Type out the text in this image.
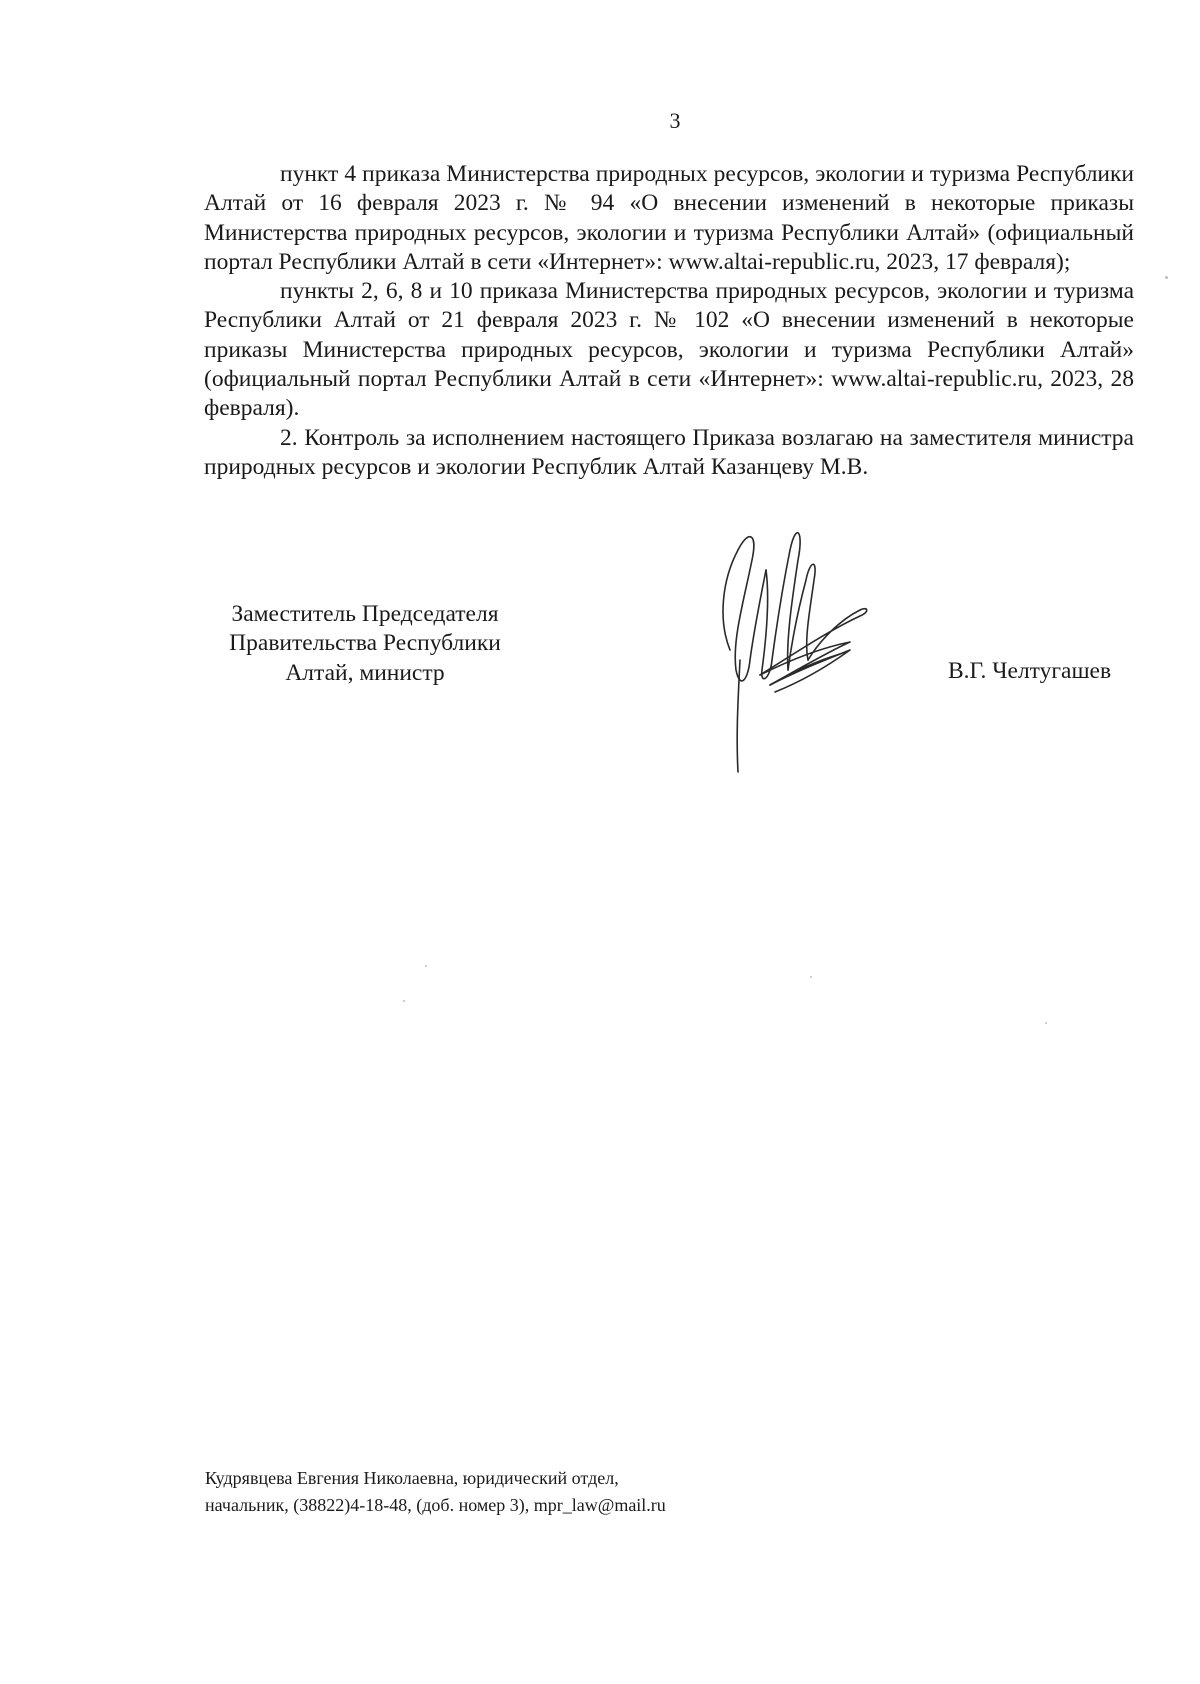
3

пункт 4 приказа Министерства природных ресурсов, экологии и туризма Республики Алтай от 16 февраля 2023 г. № 94 «О внесении изменений в некоторые приказы Министерства природных ресурсов, экологии и туризма Республики Алтай» (официальный портал Республики Алтай в сети «Интернет»: www.altai-republic.ru, 2023, 17 февраля);

пункты 2, 6, 8 и 10 приказа Министерства природных ресурсов, экологии и туризма Республики Алтай от 21 февраля 2023 г. № 102 «О внесении изменений в некоторые приказы Министерства природных ресурсов, экологии и туризма Республики Алтай» (официальный портал Республики Алтай в сети «Интернет»: www.altai-republic.ru, 2023, 28 февраля).

2. Контроль за исполнением настоящего Приказа возлагаю на заместителя министра природных ресурсов и экологии Республик Алтай Казанцеву М.В.

Заместитель Председателя
Правительства Республики
Алтай, министр	В.Г. Челтугашев
Кудрявцева Евгения Николаевна, юридический отдел,
начальник, (38822)4-18-48, (доб. номер 3), mpr_law@mail.ru
